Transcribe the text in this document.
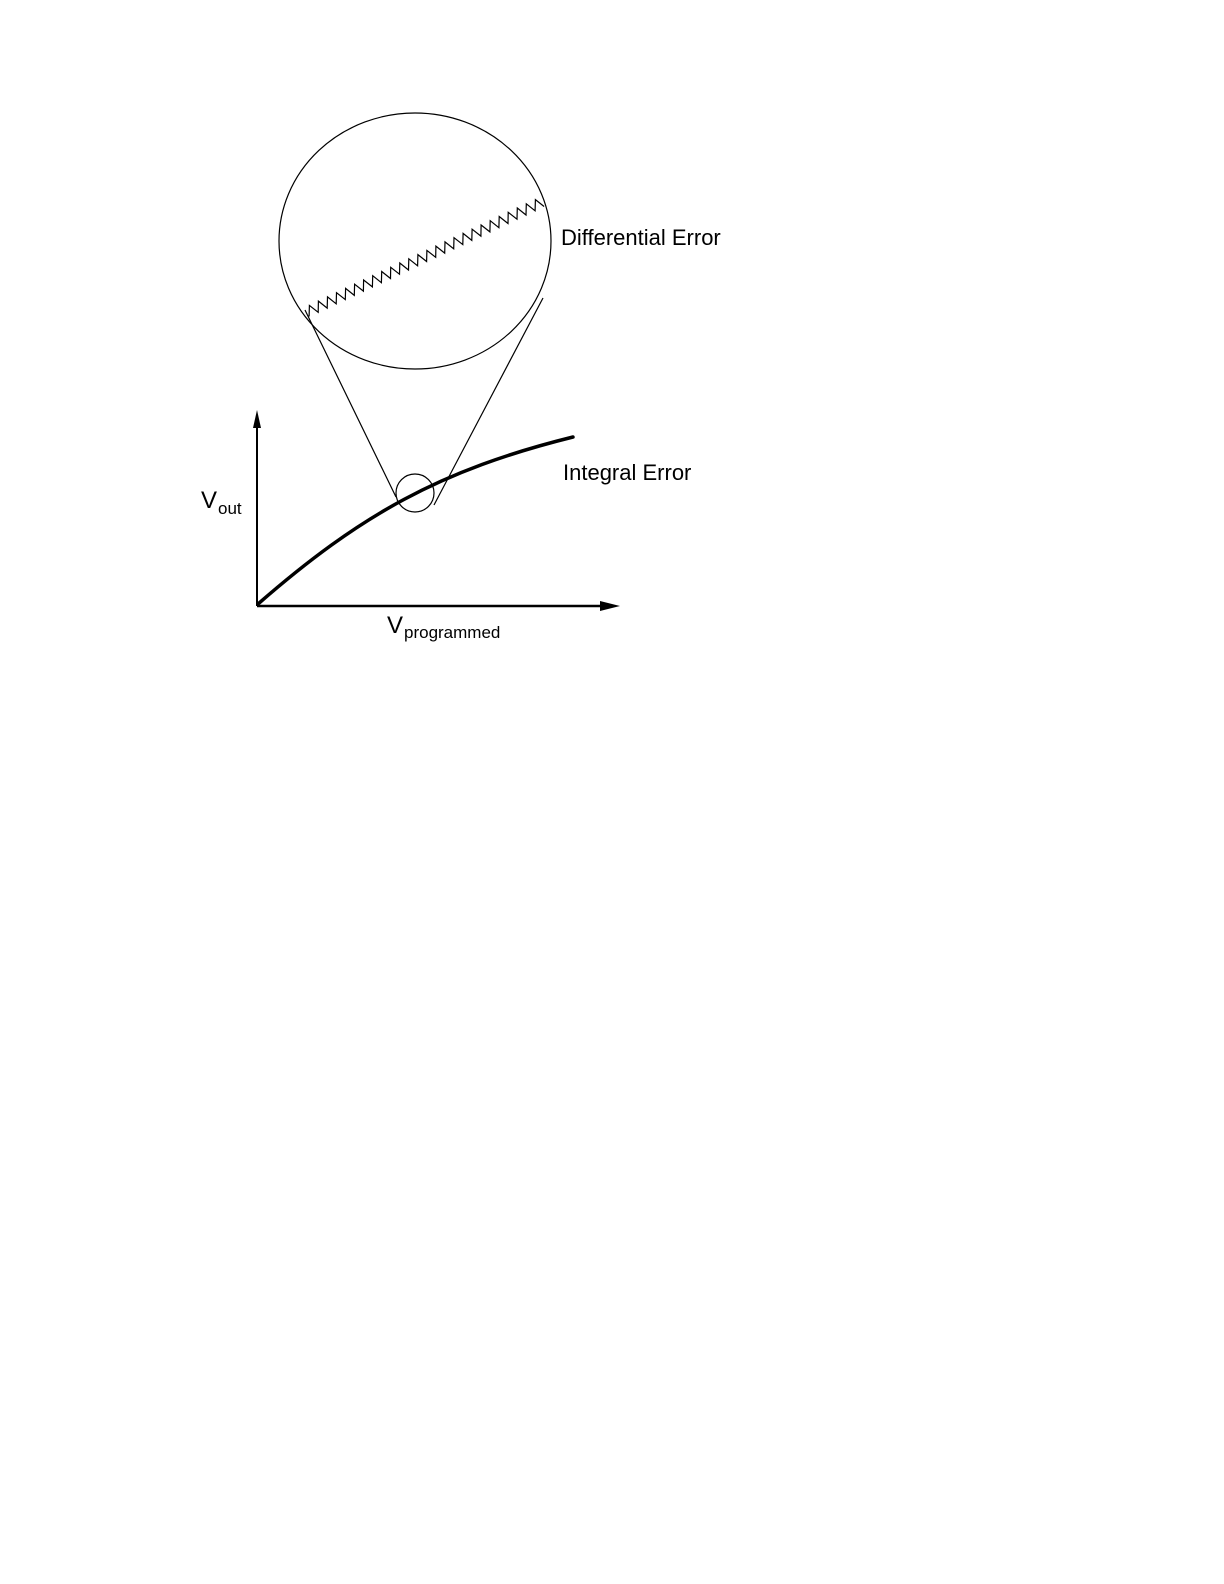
Differential Error
Integral Error
V out
V programmed
